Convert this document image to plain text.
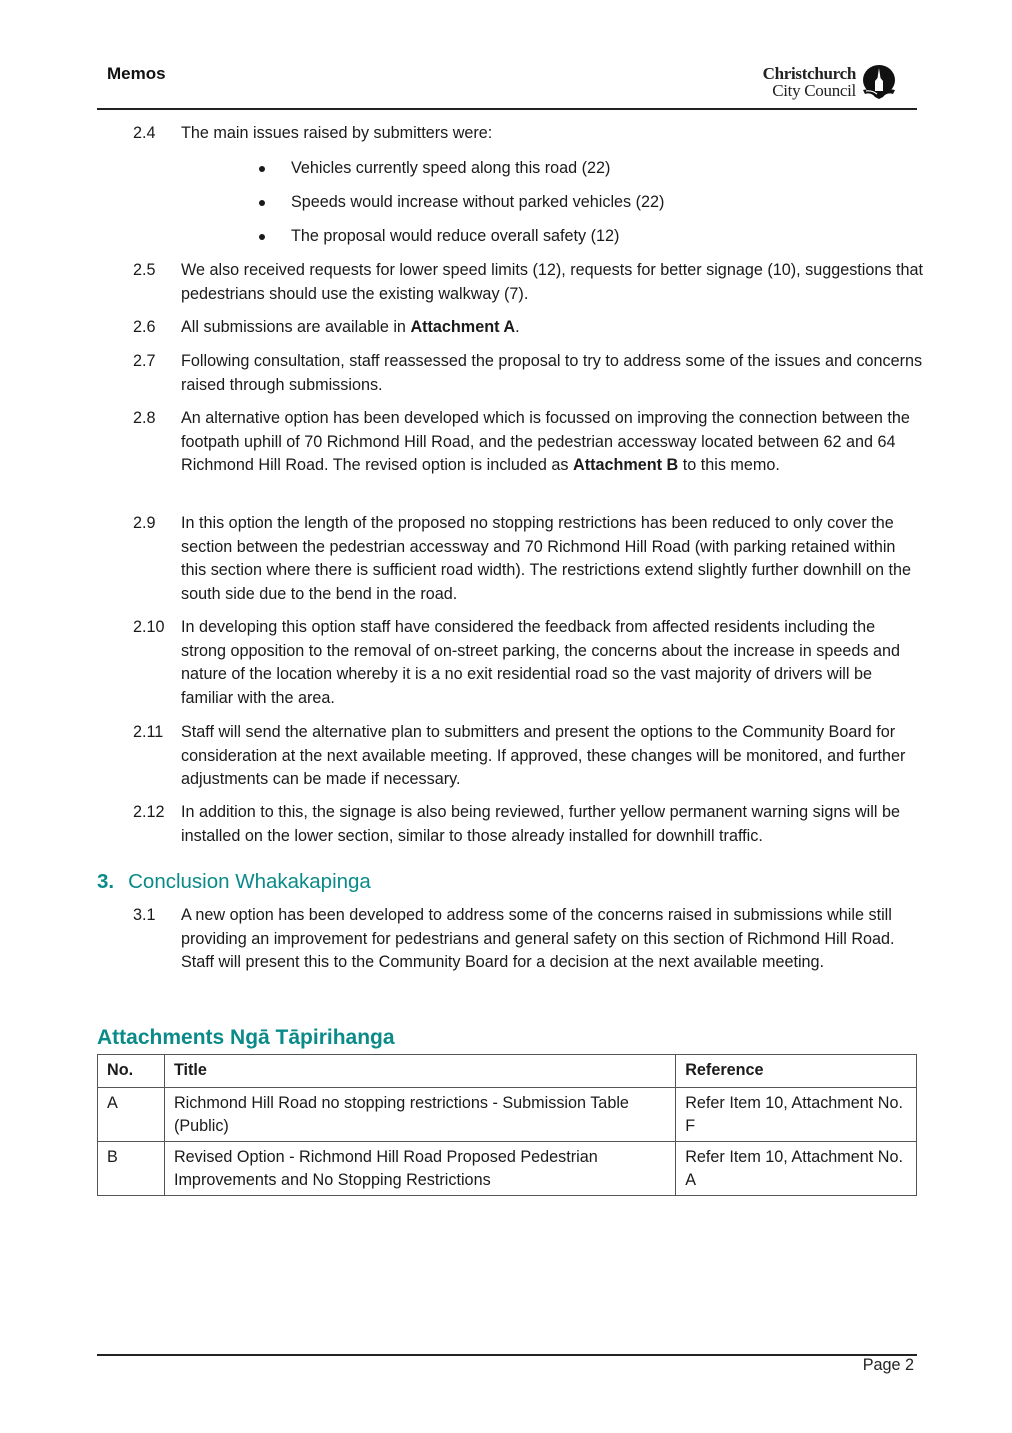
Memos	Christchurch
City Council
2.4	The main issues raised by submitters were:
Vehicles currently speed along this road (22)
Speeds would increase without parked vehicles (22)
The proposal would reduce overall safety (12)
2.5	We also received requests for lower speed limits (12), requests for better signage (10), suggestions that pedestrians should use the existing walkway (7).
2.6	All submissions are available in Attachment A.
2.7	Following consultation, staff reassessed the proposal to try to address some of the issues and concerns raised through submissions.
2.8	An alternative option has been developed which is focussed on improving the connection between the footpath uphill of 70 Richmond Hill Road, and the pedestrian accessway located between 62 and 64 Richmond Hill Road. The revised option is included as Attachment B to this memo.
2.9	In this option the length of the proposed no stopping restrictions has been reduced to only cover the section between the pedestrian accessway and 70 Richmond Hill Road (with parking retained within this section where there is sufficient road width). The restrictions extend slightly further downhill on the south side due to the bend in the road.
2.10	In developing this option staff have considered the feedback from affected residents including the strong opposition to the removal of on-street parking, the concerns about the increase in speeds and nature of the location whereby it is a no exit residential road so the vast majority of drivers will be familiar with the area.
2.11	Staff will send the alternative plan to submitters and present the options to the Community Board for consideration at the next available meeting. If approved, these changes will be monitored, and further adjustments can be made if necessary.
2.12	In addition to this, the signage is also being reviewed, further yellow permanent warning signs will be installed on the lower section, similar to those already installed for downhill traffic.
3. Conclusion Whakakapinga
3.1	A new option has been developed to address some of the concerns raised in submissions while still providing an improvement for pedestrians and general safety on this section of Richmond Hill Road. Staff will present this to the Community Board for a decision at the next available meeting.
Attachments Ngā Tāpirihanga
No.	Title	Reference
A	Richmond Hill Road no stopping restrictions - Submission Table (Public)	Refer Item 10, Attachment No. F
B	Revised Option - Richmond Hill Road Proposed Pedestrian Improvements and No Stopping Restrictions	Refer Item 10, Attachment No. A
Page 2
